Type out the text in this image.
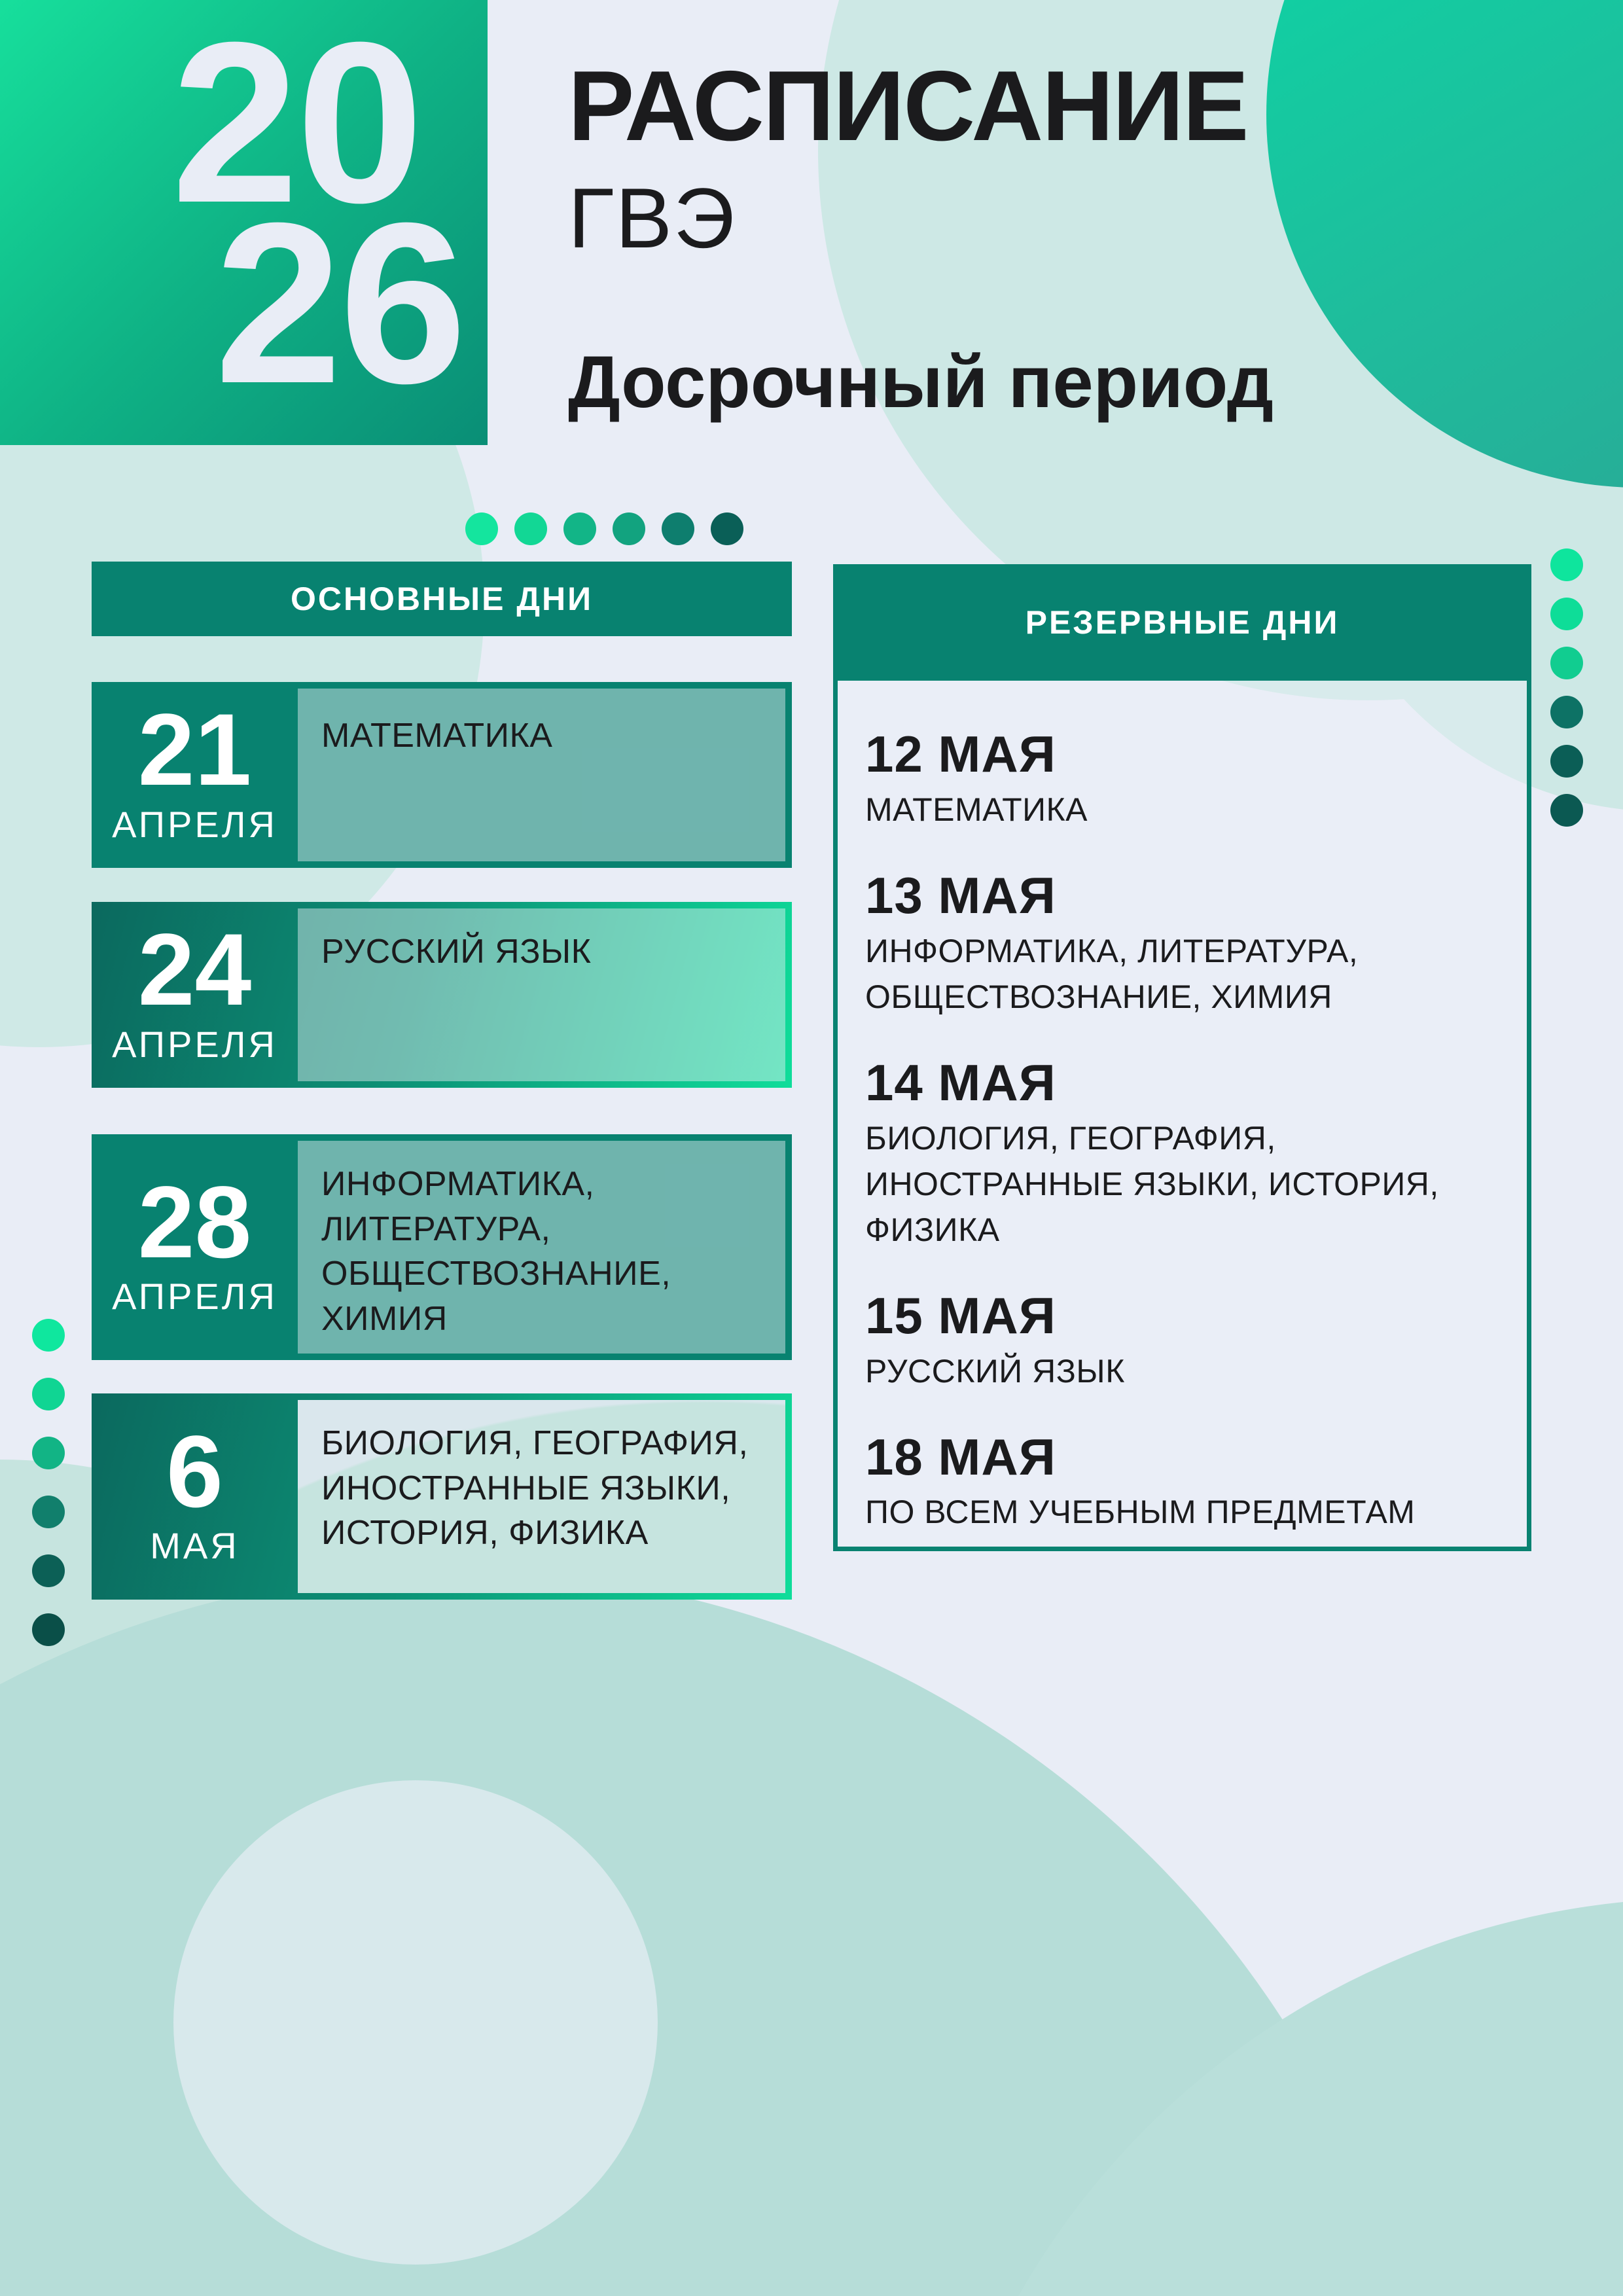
20
26
РАСПИСАНИЕ
ГВЭ
Досрочный период
ОСНОВНЫЕ ДНИ
21
АПРЕЛЯ
МАТЕМАТИКА
24
АПРЕЛЯ
РУССКИЙ ЯЗЫК
28
АПРЕЛЯ
ИНФОРМАТИКА, ЛИТЕРАТУРА, ОБЩЕСТВОЗНАНИЕ, ХИМИЯ
6
МАЯ
БИОЛОГИЯ, ГЕОГРАФИЯ, ИНОСТРАННЫЕ ЯЗЫКИ, ИСТОРИЯ, ФИЗИКА
РЕЗЕРВНЫЕ ДНИ
12 МАЯ
МАТЕМАТИКА
13 МАЯ
ИНФОРМАТИКА, ЛИТЕРАТУРА, ОБЩЕСТВОЗНАНИЕ, ХИМИЯ
14 МАЯ
БИОЛОГИЯ, ГЕОГРАФИЯ, ИНОСТРАННЫЕ ЯЗЫКИ, ИСТОРИЯ, ФИЗИКА
15 МАЯ
РУССКИЙ ЯЗЫК
18 МАЯ
ПО ВСЕМ УЧЕБНЫМ ПРЕДМЕТАМ
